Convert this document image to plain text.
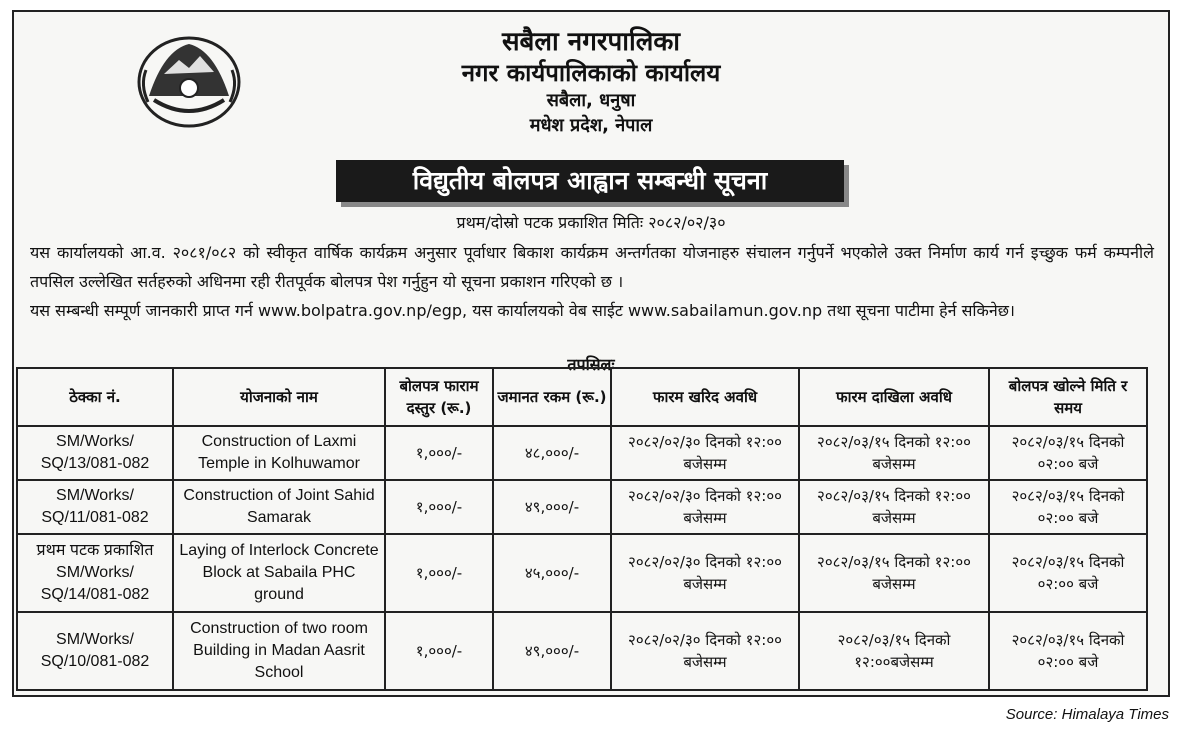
सबैला नगरपालिका
नगर कार्यपालिकाको कार्यालय
सबैला, धनुषा
मधेश प्रदेश, नेपाल
विद्युतीय बोलपत्र आह्वान सम्बन्धी सूचना
प्रथम/दोस्रो पटक प्रकाशित मितिः २०८२/०२/३०

यस कार्यालयको आ.व. २०८१/०८२ को स्वीकृत वार्षिक कार्यक्रम अनुसार पूर्वाधार बिकाश कार्यक्रम अन्तर्गतका योजनाहरु संचालन गर्नुपर्ने भएकोले उक्त निर्माण कार्य गर्न इच्छुक फर्म कम्पनीले तपसिल उल्लेखित सर्तहरुको अधिनमा रही रीतपूर्वक बोलपत्र पेश गर्नुहुन यो सूचना प्रकाशन गरिएको छ ।

यस सम्बन्धी सम्पूर्ण जानकारी प्राप्त गर्न www.bolpatra.gov.np/egp, यस कार्यालयको वेब साईट www.sabailamun.gov.np तथा सूचना पाटीमा हेर्न सकिनेछ।

तपसिलः
ठेक्का नं.	योजनाको नाम	बोलपत्र फाराम दस्तुर (रू.)	जमानत रकम (रू.)	फारम खरिद अवधि	फारम दाखिला अवधि	बोलपत्र खोल्ने मिति र समय
SM/Works/ SQ/13/081-082	Construction of Laxmi Temple in Kolhuwamor	१,०००/-	४८,०००/-	२०८२/०२/३० दिनको १२:०० बजेसम्म	२०८२/०३/१५ दिनको १२:०० बजेसम्म	२०८२/०३/१५ दिनको ०२:०० बजे
SM/Works/ SQ/11/081-082	Construction of Joint Sahid Samarak	१,०००/-	४९,०००/-	२०८२/०२/३० दिनको १२:०० बजेसम्म	२०८२/०३/१५ दिनको १२:०० बजेसम्म	२०८२/०३/१५ दिनको ०२:०० बजे
प्रथम पटक प्रकाशित SM/Works/ SQ/14/081-082	Laying of Interlock Concrete Block at Sabaila PHC ground	१,०००/-	४५,०००/-	२०८२/०२/३० दिनको १२:०० बजेसम्म	२०८२/०३/१५ दिनको १२:०० बजेसम्म	२०८२/०३/१५ दिनको ०२:०० बजे
SM/Works/ SQ/10/081-082	Construction of two room Building in Madan Aasrit School	१,०००/-	४९,०००/-	२०८२/०२/३० दिनको १२:०० बजेसम्म	२०८२/०३/१५ दिनको १२:००बजेसम्म	२०८२/०३/१५ दिनको ०२:०० बजे
Source: Himalaya Times
